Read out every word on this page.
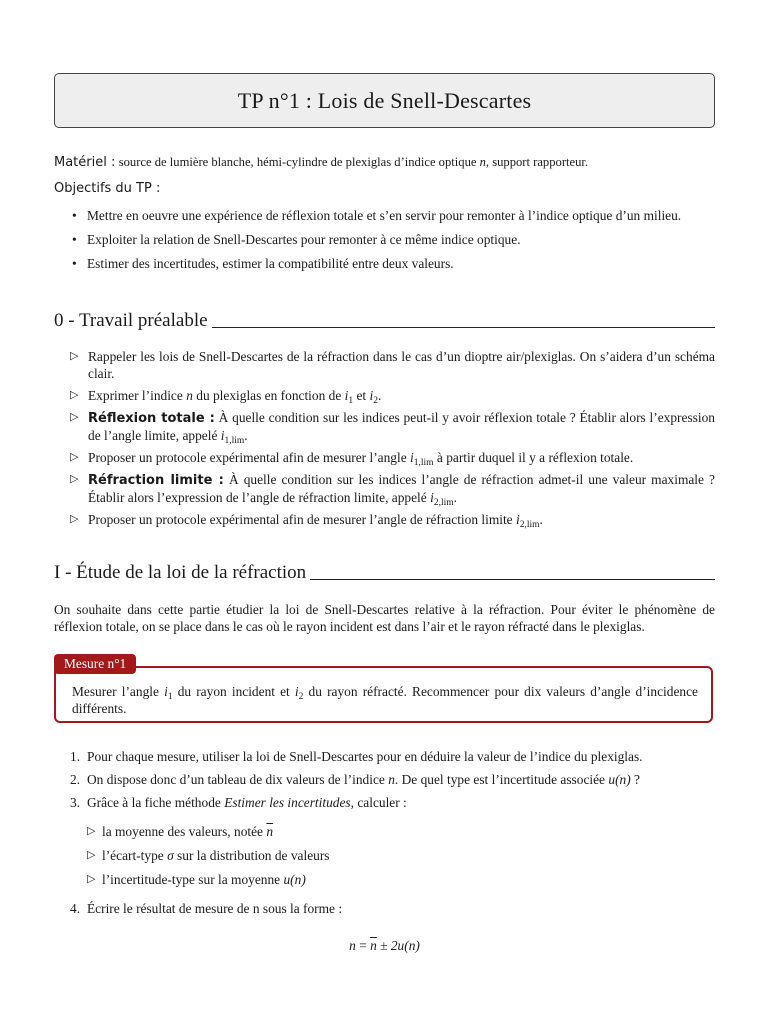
TP n°1 : Lois de Snell-Descartes
Matériel : source de lumière blanche, hémi-cylindre de plexiglas d’indice optique n, support rapporteur.
Objectifs du TP :
• Mettre en oeuvre une expérience de réflexion totale et s’en servir pour remonter à l’indice optique d’un milieu.
• Exploiter la relation de Snell-Descartes pour remonter à ce même indice optique.
• Estimer des incertitudes, estimer la compatibilité entre deux valeurs.
0 - Travail préalable
▷ Rappeler les lois de Snell-Descartes de la réfraction dans le cas d’un dioptre air/plexiglas. On s’aidera d’un schéma clair.
▷ Exprimer l’indice n du plexiglas en fonction de $i_1$ et $i_2$.
▷ Réflexion totale : À quelle condition sur les indices peut-il y avoir réflexion totale ? Établir alors l’expression de l’angle limite, appelé $i_{1,lim}$.
▷ Proposer un protocole expérimental afin de mesurer l’angle $i_{1,lim}$ à partir duquel il y a réflexion totale.
▷ Réfraction limite : À quelle condition sur les indices l’angle de réfraction admet-il une valeur maximale ? Établir alors l’expression de l’angle de réfraction limite, appelé $i_{2,lim}$.
▷ Proposer un protocole expérimental afin de mesurer l’angle de réfraction limite $i_{2,lim}$.
I - Étude de la loi de la réfraction
On souhaite dans cette partie étudier la loi de Snell-Descartes relative à la réfraction. Pour éviter le phénomène de réflexion totale, on se place dans le cas où le rayon incident est dans l’air et le rayon réfracté dans le plexiglas.
Mesure n°1
Mesurer l’angle $i_1$ du rayon incident et $i_2$ du rayon réfracté. Recommencer pour dix valeurs d’angle d’incidence différents.
1. Pour chaque mesure, utiliser la loi de Snell-Descartes pour en déduire la valeur de l’indice du plexiglas.
2. On dispose donc d’un tableau de dix valeurs de l’indice n. De quel type est l’incertitude associée u(n) ?
3. Grâce à la fiche méthode Estimer les incertitudes, calculer :
▷ la moyenne des valeurs, notée $\overline{n}$
▷ l’écart-type σ sur la distribution de valeurs
▷ l’incertitude-type sur la moyenne u(n)
4. Écrire le résultat de mesure de n sous la forme :
$n = \overline{n} \pm 2u(n)$
